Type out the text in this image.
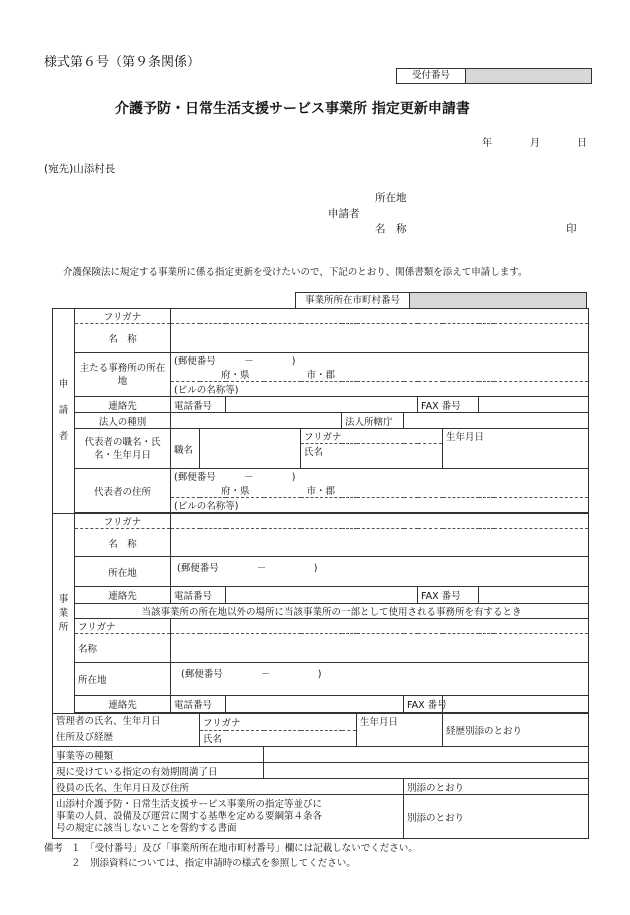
様式第６号（第９条関係）
受付番号
介護予防・日常生活支援サービス事業所 指定更新申請書
年	月	日
(宛先)山添村長
所在地
申請者
名　称	印
介護保険法に規定する事業所に係る指定更新を受けたいので、下記のとおり、関係書類を添えて申請します。
事業所所在市町村番号
申請者	フリガナ											
	名　称											
	主たる事務所の所在地	(郵便番号　　　－　　　　)										
		府・県　　　　　　市・郡										
		(ビルの名称等)										
	連絡先	電話番号								FAX 番号		
	法人の種別						法人所轄庁					
	代表者の職名・氏名・生年月日	職名				フリガナ					生年月日	
						氏名						
	代表者の住所	(郵便番号　　　－　　　　)										
		府・県　　　　　　市・郡										
		(ビルの名称等)										

事業所	フリガナ											
	名　称											
	所在地	(郵便番号　　　　－　　　　　)										
	連絡先	電話番号								FAX 番号		
	当該事業所の所在地以外の場所に当該事業所の一部として使用される事務所を有するとき											
	フリガナ											
	名称											
	所在地	(郵便番号　　　　－　　　　　)										
	連絡先	電話番号							FAX 番号			

管理者の氏名、生年月日
住所及び経歴			フリガナ					生年月日			経歴別添のとおり	
			氏名									
事業等の種類												
現に受けている指定の有効期間満了日												
役員の氏名、生年月日及び住所									別添のとおり			
山添村介護予防・日常生活支援サービス事業所の指定等並びに
事業の人員、設備及び運営に関する基準を定める要綱第４条各
号の規定に該当しないことを誓約する書面									別添のとおり			
備考 １　「受付番号」及び「事業所所在地市町村番号」欄には記載しないでください。
２　別添資料については、指定申請時の様式を参照してください。
